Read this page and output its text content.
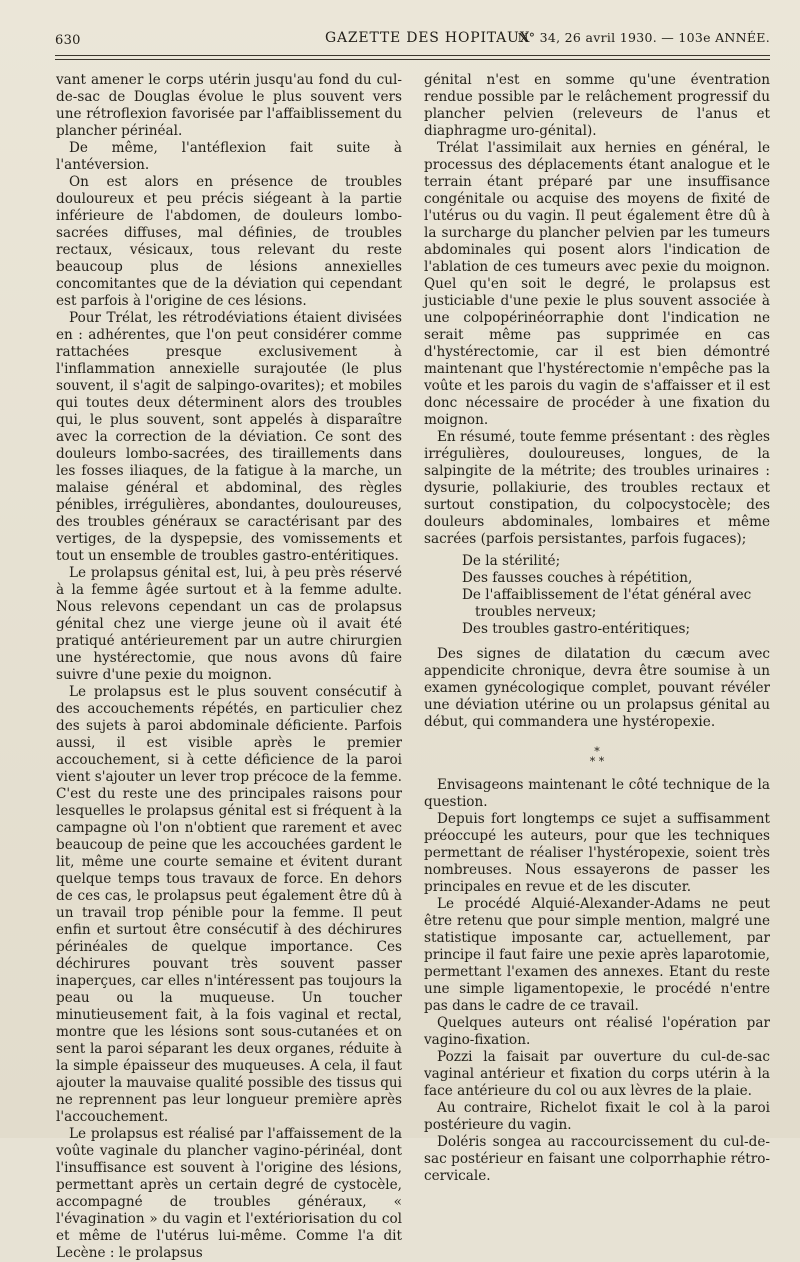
630	GAZETTE DES HOPITAUX
N° 34, 26 avril 1930. — 103e ANNÉE.

vant amener le corps utérin jusqu'au fond du cul-de-sac de Douglas évolue le plus souvent vers une rétroflexion favorisée par l'affaiblissement du plancher périnéal.

De même, l'antéflexion fait suite à l'antéversion.

On est alors en présence de troubles douloureux et peu précis siégeant à la partie inférieure de l'abdomen, de douleurs lombo-sacrées diffuses, mal définies, de troubles rectaux, vésicaux, tous relevant du reste beaucoup plus de lésions annexielles concomitantes que de la déviation qui cependant est parfois à l'origine de ces lésions.

Pour Trélat, les rétrodéviations étaient divisées en : adhérentes, que l'on peut considérer comme rattachées presque exclusivement à l'inflammation annexielle surajoutée (le plus souvent, il s'agit de salpingo-ovarites); et mobiles qui toutes deux déterminent alors des troubles qui, le plus souvent, sont appelés à disparaître avec la correction de la déviation. Ce sont des douleurs lombo-sacrées, des tiraillements dans les fosses iliaques, de la fatigue à la marche, un malaise général et abdominal, des règles pénibles, irrégulières, abondantes, douloureuses, des troubles généraux se caractérisant par des vertiges, de la dyspepsie, des vomissements et tout un ensemble de troubles gastro-entéritiques.

Le prolapsus génital est, lui, à peu près réservé à la femme âgée surtout et à la femme adulte. Nous relevons cependant un cas de prolapsus génital chez une vierge jeune où il avait été pratiqué antérieurement par un autre chirurgien une hystérectomie, que nous avons dû faire suivre d'une pexie du moignon.

Le prolapsus est le plus souvent consécutif à des accouchements répétés, en particulier chez des sujets à paroi abdominale déficiente. Parfois aussi, il est visible après le premier accouchement, si à cette déficience de la paroi vient s'ajouter un lever trop précoce de la femme. C'est du reste une des principales raisons pour lesquelles le prolapsus génital est si fréquent à la campagne où l'on n'obtient que rarement et avec beaucoup de peine que les accouchées gardent le lit, même une courte semaine et évitent durant quelque temps tous travaux de force. En dehors de ces cas, le prolapsus peut également être dû à un travail trop pénible pour la femme. Il peut enfin et surtout être consécutif à des déchirures périnéales de quelque importance. Ces déchirures pouvant très souvent passer inaperçues, car elles n'intéressent pas toujours la peau ou la muqueuse. Un toucher minutieusement fait, à la fois vaginal et rectal, montre que les lésions sont sous-cutanées et on sent la paroi séparant les deux organes, réduite à la simple épaisseur des muqueuses. A cela, il faut ajouter la mauvaise qualité possible des tissus qui ne reprennent pas leur longueur première après l'accouchement.

Le prolapsus est réalisé par l'affaissement de la voûte vaginale du plancher vagino-périnéal, dont l'insuffisance est souvent à l'origine des lésions, permettant après un certain degré de cystocèle, accompagné de troubles généraux, « l'évagination » du vagin et l'extériorisation du col et même de l'utérus lui-même. Comme l'a dit Lecène : le prolapsus

génital n'est en somme qu'une éventration rendue possible par le relâchement progressif du plancher pelvien (releveurs de l'anus et diaphragme uro-génital).

Trélat l'assimilait aux hernies en général, le processus des déplacements étant analogue et le terrain étant préparé par une insuffisance congénitale ou acquise des moyens de fixité de l'utérus ou du vagin. Il peut également être dû à la surcharge du plancher pelvien par les tumeurs abdominales qui posent alors l'indication de l'ablation de ces tumeurs avec pexie du moignon. Quel qu'en soit le degré, le prolapsus est justiciable d'une pexie le plus souvent associée à une colpopérinéorraphie dont l'indication ne serait même pas supprimée en cas d'hystérectomie, car il est bien démontré maintenant que l'hystérectomie n'empêche pas la voûte et les parois du vagin de s'affaisser et il est donc nécessaire de procéder à une fixation du moignon.

En résumé, toute femme présentant : des règles irrégulières, douloureuses, longues, de la salpingite de la métrite; des troubles urinaires : dysurie, pollakiurie, des troubles rectaux et surtout constipation, du colpocystocèle; des douleurs abdominales, lombaires et même sacrées (parfois persistantes, parfois fugaces);

De la stérilité;
Des fausses couches à répétition,
De l'affaiblissement de l'état général avec
troubles nerveux;
Des troubles gastro-entéritiques;

Des signes de dilatation du cæcum avec appendicite chronique, devra être soumise à un examen gynécologique complet, pouvant révéler une déviation utérine ou un prolapsus génital au début, qui commandera une hystéropexie.

*
* *

Envisageons maintenant le côté technique de la question.

Depuis fort longtemps ce sujet a suffisamment préoccupé les auteurs, pour que les techniques permettant de réaliser l'hystéropexie, soient très nombreuses. Nous essayerons de passer les principales en revue et de les discuter.

Le procédé Alquié-Alexander-Adams ne peut être retenu que pour simple mention, malgré une statistique imposante car, actuellement, par principe il faut faire une pexie après laparotomie, permettant l'examen des annexes. Etant du reste une simple ligamentopexie, le procédé n'entre pas dans le cadre de ce travail.

Quelques auteurs ont réalisé l'opération par vagino-fixation.

Pozzi la faisait par ouverture du cul-de-sac vaginal antérieur et fixation du corps utérin à la face antérieure du col ou aux lèvres de la plaie.

Au contraire, Richelot fixait le col à la paroi postérieure du vagin.

Doléris songea au raccourcissement du cul-de-sac postérieur en faisant une colporrhaphie rétro-cervicale.
